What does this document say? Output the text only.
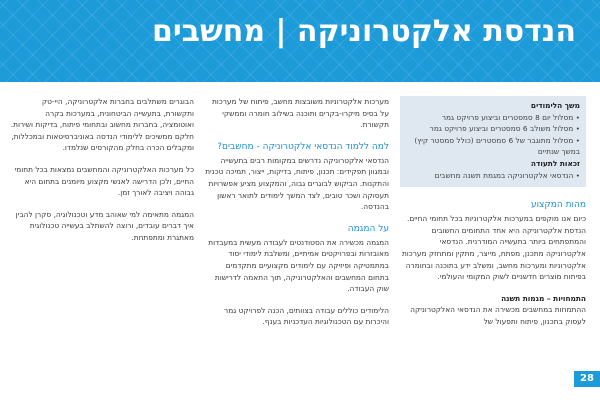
הנדסת אלקטרוניקה | מחשבים
משך הלימודים
• מסלול יום 8 סמסטרים וביצוע פרויקט גמר
• מסלול משולב 6 סמסטרים וביצוע פרויקט גמר
• מסלול מתוגבר של 6 סמסטרים (כולל סמסטר קיץ) במשך שנתיים
זכאות לתעודה
• הנדסאי אלקטרוניקה במגמת תשנה מחשבים
מהות המקצוע

כיום אנו מוקפים במערכות אלקטרוניות בכל תחומי החיים. הנדסת אלקטרוניקה היא אחד התחומים החשובים והמתפתחים ביותר בתעשייה המודרנית. הנדסאי אלקטרוניקה מתכנן, מפתח, מייצר, מתקין ומתחזק מערכות אלקטרוניות ומערכות מחשב, ומשלב ידע בתוכנה ובחומרה בפיתוח מוצרים חדשניים לשוק המקומי והעולמי.

התמחויות – מגמות תשנה

ההתמחות במחשבים מכשירה את הנדסאי האלקטרוניקה לעסוק בתכנון, פיתוח ותפעול של

מערכות אלקטרוניות משובצות מחשב, פיתוח של מערכות על בסיס מיקרו-בקרים ותוכנה בשילוב חומרה וממשקי תקשורת.

למה ללמוד הנדסאי אלקטרוניקה - מחשבים?

הנדסאי אלקטרוניקה נדרשים במקומות רבים בתעשייה ובמגוון תפקידים: תכנון, פיתוח, בדיקות, ייצור, תמיכה טכנית והתקנות. הביקוש לבוגרים גבוה, והמקצוע מציע אפשרויות תעסוקה ושכר טובים, לצד המשך לימודים לתואר ראשון בהנדסה.

על המגמה

המגמה מכשירה את הסטודנטים לעבודה מעשית במעבדות מאובזרות ובפרויקטים אמיתיים, ומשלבת לימודי יסוד במתמטיקה ופיזיקה עם לימודים מקצועיים מתקדמים בתחום המחשבים והאלקטרוניקה, תוך התאמה לדרישות שוק העבודה.

הלימודים כוללים עבודה בצוותים, הכנה לפרויקט גמר והיכרות עם הטכנולוגיות העדכניות בענף.

הבוגרים משתלבים בחברות אלקטרוניקה, היי-טק ותקשורת, בתעשייה הביטחונית, במערכות בקרה ואוטומציה, בחברות מחשוב ובתחומי פיתוח, בדיקות ושירות. חלקם ממשיכים ללימודי הנדסה באוניברסיטאות ובמכללות, ומקבלים הכרה בחלק מהקורסים שנלמדו.

כל מערכות האלקטרוניקה והמחשבים נמצאות בכל תחומי החיים, ולכן הדרישה לאנשי מקצוע מיומנים בתחום היא גבוהה ויציבה לאורך זמן.

המגמה מתאימה למי שאוהב מדע וטכנולוגיה, סקרן להבין איך דברים עובדים, ורוצה להשתלב בעשייה טכנולוגית מאתגרת ומתפתחת.

28
